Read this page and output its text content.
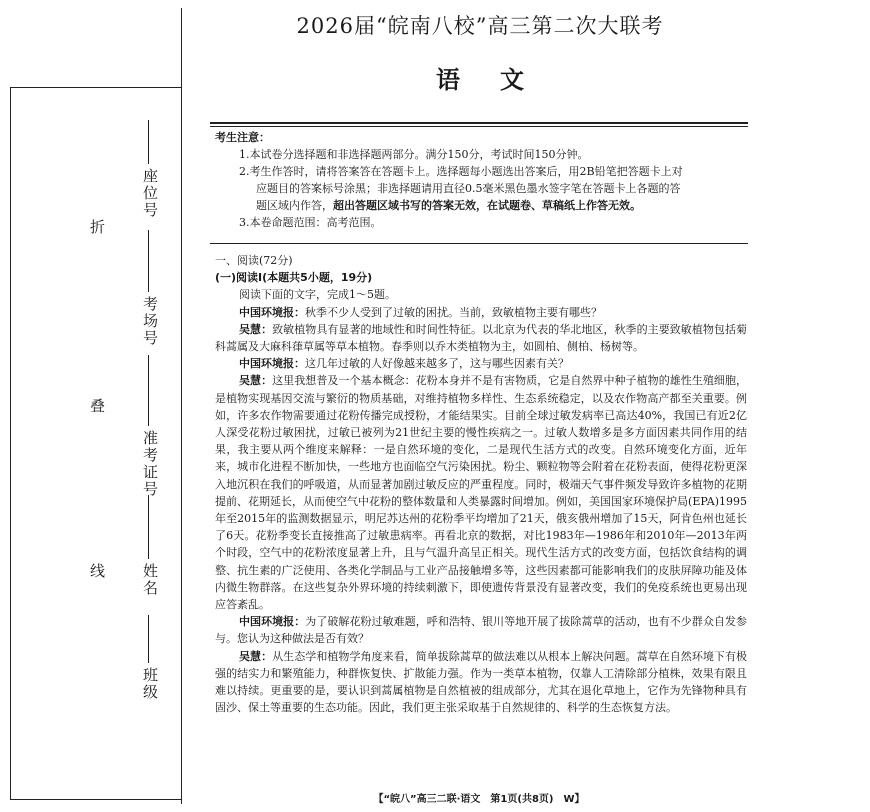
折
叠
线
座位号
考场号
准考证号
姓名
班级
2026届“皖南八校”高三第二次大联考
语文

考生注意：

1.本试卷分选择题和非选择题两部分。满分150分，考试时间150分钟。

2.考生作答时，请将答案答在答题卡上。选择题每小题选出答案后，用2B铅笔把答题卡上对

应题目的答案标号涂黑；非选择题请用直径0.5毫米黑色墨水签字笔在答题卡上各题的答

题区域内作答，超出答题区域书写的答案无效，在试题卷、草稿纸上作答无效。

3.本卷命题范围：高考范围。

一、阅读(72分)

(一)阅读Ⅰ(本题共5小题，19分)

阅读下面的文字，完成1～5题。

中国环境报：秋季不少人受到了过敏的困扰。当前，致敏植物主要有哪些？

吴慧：致敏植物具有显著的地域性和时间性特征。以北京为代表的华北地区，秋季的主要致敏植物包括菊科蒿属及大麻科葎草属等草本植物。春季则以乔木类植物为主，如圆柏、侧柏、杨树等。

中国环境报：这几年过敏的人好像越来越多了，这与哪些因素有关？

吴慧：这里我想普及一个基本概念：花粉本身并不是有害物质，它是自然界中种子植物的雄性生殖细胞，是植物实现基因交流与繁衍的物质基础，对维持植物多样性、生态系统稳定，以及农作物高产都至关重要。例如，许多农作物需要通过花粉传播完成授粉，才能结果实。目前全球过敏发病率已高达40%，我国已有近2亿人深受花粉过敏困扰，过敏已被列为21世纪主要的慢性疾病之一。过敏人数增多是多方面因素共同作用的结果，我主要从两个维度来解释：一是自然环境的变化，二是现代生活方式的改变。自然环境变化方面，近年来，城市化进程不断加快，一些地方也面临空气污染困扰。粉尘、颗粒物等会附着在花粉表面，使得花粉更深入地沉积在我们的呼吸道，从而显著加剧过敏反应的严重程度。同时，极端天气事件频发导致许多植物的花期提前、花期延长，从而使空气中花粉的整体数量和人类暴露时间增加。例如，美国国家环境保护局(EPA)1995年至2015年的监测数据显示，明尼苏达州的花粉季平均增加了21天，俄亥俄州增加了15天，阿肯色州也延长了6天。花粉季变长直接推高了过敏患病率。再看北京的数据，对比1983年—1986年和2010年—2013年两个时段，空气中的花粉浓度显著上升，且与气温升高呈正相关。现代生活方式的改变方面，包括饮食结构的调整、抗生素的广泛使用、各类化学制品与工业产品接触增多等，这些因素都可能影响我们的皮肤屏障功能及体内微生物群落。在这些复杂外界环境的持续刺激下，即使遗传背景没有显著改变，我们的免疫系统也更易出现应答紊乱。

中国环境报：为了破解花粉过敏难题，呼和浩特、银川等地开展了拔除蒿草的活动，也有不少群众自发参与。您认为这种做法是否有效？

吴慧：从生态学和植物学角度来看，简单拔除蒿草的做法难以从根本上解决问题。蒿草在自然环境下有极强的结实力和繁殖能力，种群恢复快、扩散能力强。作为一类草本植物，仅靠人工清除部分植株，效果有限且难以持续。更重要的是，要认识到蒿属植物是自然植被的组成部分，尤其在退化草地上，它作为先锋物种具有固沙、保土等重要的生态功能。因此，我们更主张采取基于自然规律的、科学的生态恢复方法。

【“皖八”高三二联·语文　第1页(共8页)　W】
